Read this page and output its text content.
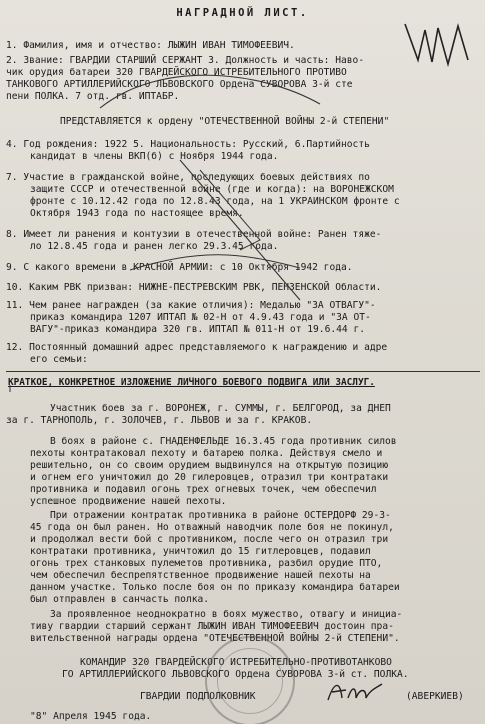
НАГРАДНОЙ ЛИСТ.
1. Фамилия, имя и отчество: ЛЫЖИН ИВАН ТИМОФЕЕВИЧ.
2. Звание: ГВАРДИИ СТАРШИЙ СЕРЖАНТ 3. Должность и часть: Наво-
чик орудия батареи 320 ГВАРДЕЙСКОГО ИСТРЕБИТЕЛЬНОГО ПРОТИВО
ТАНКОВОГО АРТИЛЛЕРИЙСКОГО ЛЬВОВСКОГО Ордена СУВОРОВА 3-й сте
пени ПОЛКА. 7 отд. гв. ИПТАБР.
ПРЕДСТАВЛЯЕТСЯ к ордену "ОТЕЧЕСТВЕННОЙ ВОЙНЫ 2-й СТЕПЕНИ"
4. Год рождения: 1922 5. Национальность: Русский, 6.Партийность
кандидат в члены ВКП(б) с Ноября 1944 года.
7. Участие в гражданской войне, последующих боевых действиях по
защите СССР и отечественной войне (где и когда): на ВОРОНЕЖСКОМ
фронте с 10.12.42 года по 12.8.43 года, на 1 УКРАИНСКОМ фронте с
Октября 1943 года по настоящее время.
8. Имеет ли ранения и контузии в отечественной войне: Ранен тяже-
ло 12.8.45 года и ранен легко 29.3.45 года.
9. С какого времени в КРАСНОЙ АРМИИ: с 10 Октября 1942 года.
10. Каким РВК призван: НИЖНЕ-ПЕСТРЕВСКИМ РВК, ПЕНЗЕНСКОЙ Области.
11. Чем ранее награжден (за какие отличия): Медалью "ЗА ОТВАГУ"-
приказ командира 1207 ИПТАП № 02-Н от 4.9.43 года и "ЗА ОТ-
ВАГУ"-приказ командира 320 гв. ИПТАП № 011-Н от 19.6.44 г.
12. Постоянный домашний адрес представляемого к награждению и адре
его семьи:
КРАТКОЕ, КОНКРЕТНОЕ ИЗЛОЖЕНИЕ ЛИЧНОГО БОЕВОГО ПОДВИГА ИЛИ ЗАСЛУГ.
Участник боев за г. ВОРОНЕЖ, г. СУММЫ, г. БЕЛГОРОД, за ДНЕП
за г. ТАРНОПОЛЬ, г. ЗОЛОЧЕВ, г. ЛЬВОВ и за г. КРАКОВ.
В боях в районе с. ГНАДЕНФЕЛЬДЕ 16.3.45 года противник силов
пехоты контратаковал пехоту и батарею полка. Действуя смело и
решительно, он со своим орудием выдвинулся на открытую позицию
и огнем его уничтожил до 20 гилеровцев, отразил три контратаки
противника и подавил огонь трех огневых точек, чем обеспечил
успешное продвижение нашей пехоты.
При отражении контратак противника в районе ОСТЕРДОРФ 29-3-
45 года он был ранен. Но отважный наводчик поле боя не покинул,
и продолжал вести бой с противником, после чего он отразил три
контратаки противника, уничтожил до 15 гитлеровцев, подавил
огонь трех станковых пулеметов противника, разбил орудие ПТО,
чем обеспечил беспрепятственное продвижение нашей пехоты на
данном участке. Только после боя он по приказу командира батареи
был отправлен в санчасть полка.
За проявленное неоднократно в боях мужество, отвагу и инициа-
тиву гвардии старший сержант ЛЫЖИН ИВАН ТИМОФЕЕВИЧ достоин пра-
вительственной награды ордена "ОТЕЧЕСТВЕННОЙ ВОЙНЫ 2-й СТЕПЕНИ".
КОМАНДИР 320 ГВАРДЕЙСКОГО ИСТРЕБИТЕЛЬНО-ПРОТИВОТАНКОВО
ГО АРТИЛЛЕРИЙСКОГО ЛЬВОВСКОГО Ордена СУВОРОВА 3-й ст. ПОЛКА.
ГВАРДИИ ПОДПОЛКОВНИК	(АВЕРКИЕВ)
"8" Апреля 1945 года.
